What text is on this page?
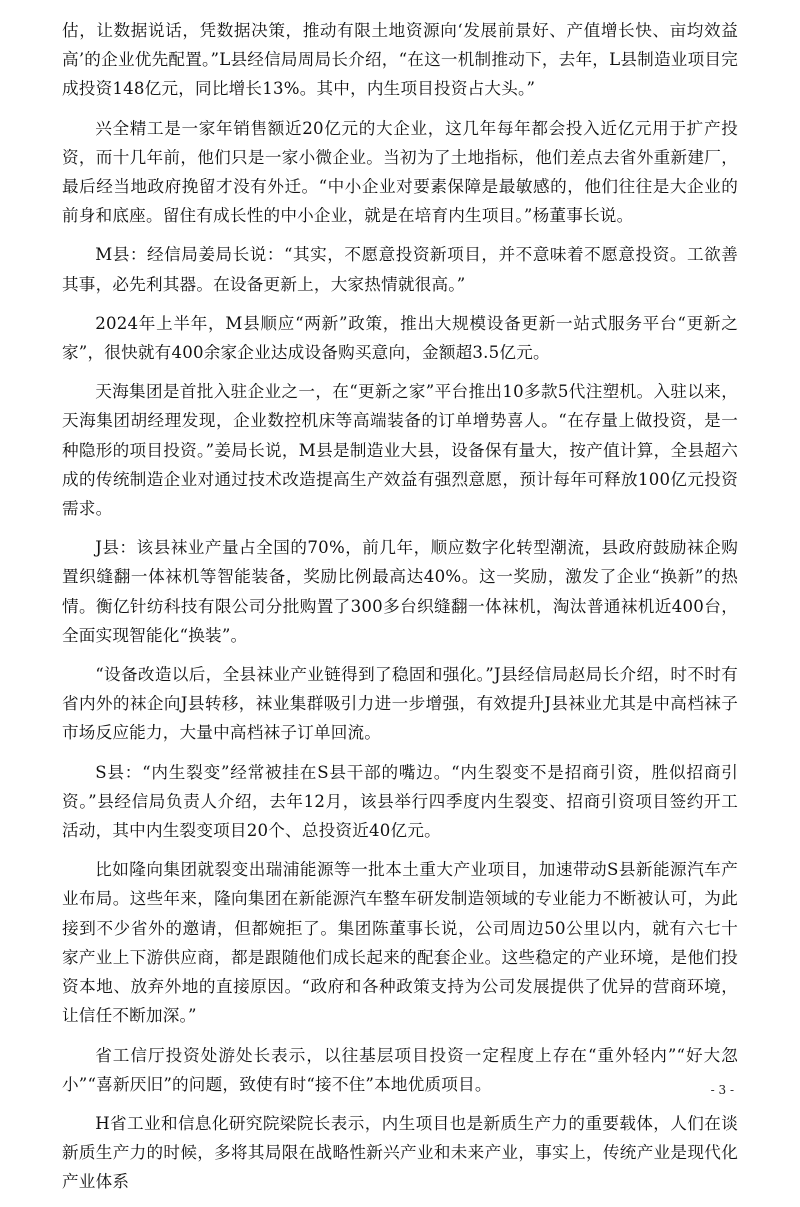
估，让数据说话，凭数据决策，推动有限土地资源向‘发展前景好、产值增长快、亩均效益高’的企业优先配置。”L县经信局周局长介绍，“在这一机制推动下，去年，L县制造业项目完成投资148亿元，同比增长13%。其中，内生项目投资占大头。”

兴全精工是一家年销售额近20亿元的大企业，这几年每年都会投入近亿元用于扩产投资，而十几年前，他们只是一家小微企业。当初为了土地指标，他们差点去省外重新建厂，最后经当地政府挽留才没有外迁。“中小企业对要素保障是最敏感的，他们往往是大企业的前身和底座。留住有成长性的中小企业，就是在培育内生项目。”杨董事长说。

M县：经信局姜局长说：“其实，不愿意投资新项目，并不意味着不愿意投资。工欲善其事，必先利其器。在设备更新上，大家热情就很高。”

2024年上半年，M县顺应“两新”政策，推出大规模设备更新一站式服务平台“更新之家”，很快就有400余家企业达成设备购买意向，金额超3.5亿元。

天海集团是首批入驻企业之一，在“更新之家”平台推出10多款5代注塑机。入驻以来，天海集团胡经理发现，企业数控机床等高端装备的订单增势喜人。“在存量上做投资，是一种隐形的项目投资。”姜局长说，M县是制造业大县，设备保有量大，按产值计算，全县超六成的传统制造企业对通过技术改造提高生产效益有强烈意愿，预计每年可释放100亿元投资需求。

J县：该县袜业产量占全国的70%，前几年，顺应数字化转型潮流，县政府鼓励袜企购置织缝翻一体袜机等智能装备，奖励比例最高达40%。这一奖励，激发了企业“换新”的热情。衡亿针纺科技有限公司分批购置了300多台织缝翻一体袜机，淘汰普通袜机近400台，全面实现智能化“换装”。

“设备改造以后，全县袜业产业链得到了稳固和强化。”J县经信局赵局长介绍，时不时有省内外的袜企向J县转移，袜业集群吸引力进一步增强，有效提升J县袜业尤其是中高档袜子市场反应能力，大量中高档袜子订单回流。

S县：“内生裂变”经常被挂在S县干部的嘴边。“内生裂变不是招商引资，胜似招商引资。”县经信局负责人介绍，去年12月，该县举行四季度内生裂变、招商引资项目签约开工活动，其中内生裂变项目20个、总投资近40亿元。

比如隆向集团就裂变出瑞浦能源等一批本土重大产业项目，加速带动S县新能源汽车产业布局。这些年来，隆向集团在新能源汽车整车研发制造领域的专业能力不断被认可，为此接到不少省外的邀请，但都婉拒了。集团陈董事长说，公司周边50公里以内，就有六七十家产业上下游供应商，都是跟随他们成长起来的配套企业。这些稳定的产业环境，是他们投资本地、放弃外地的直接原因。“政府和各种政策支持为公司发展提供了优异的营商环境，让信任不断加深。”

省工信厅投资处游处长表示，以往基层项目投资一定程度上存在“重外轻内”“好大忽小”“喜新厌旧”的问题，致使有时“接不住”本地优质项目。

H省工业和信息化研究院梁院长表示，内生项目也是新质生产力的重要载体，人们在谈新质生产力的时候，多将其局限在战略性新兴产业和未来产业，事实上，传统产业是现代化产业体系

- 3 -
